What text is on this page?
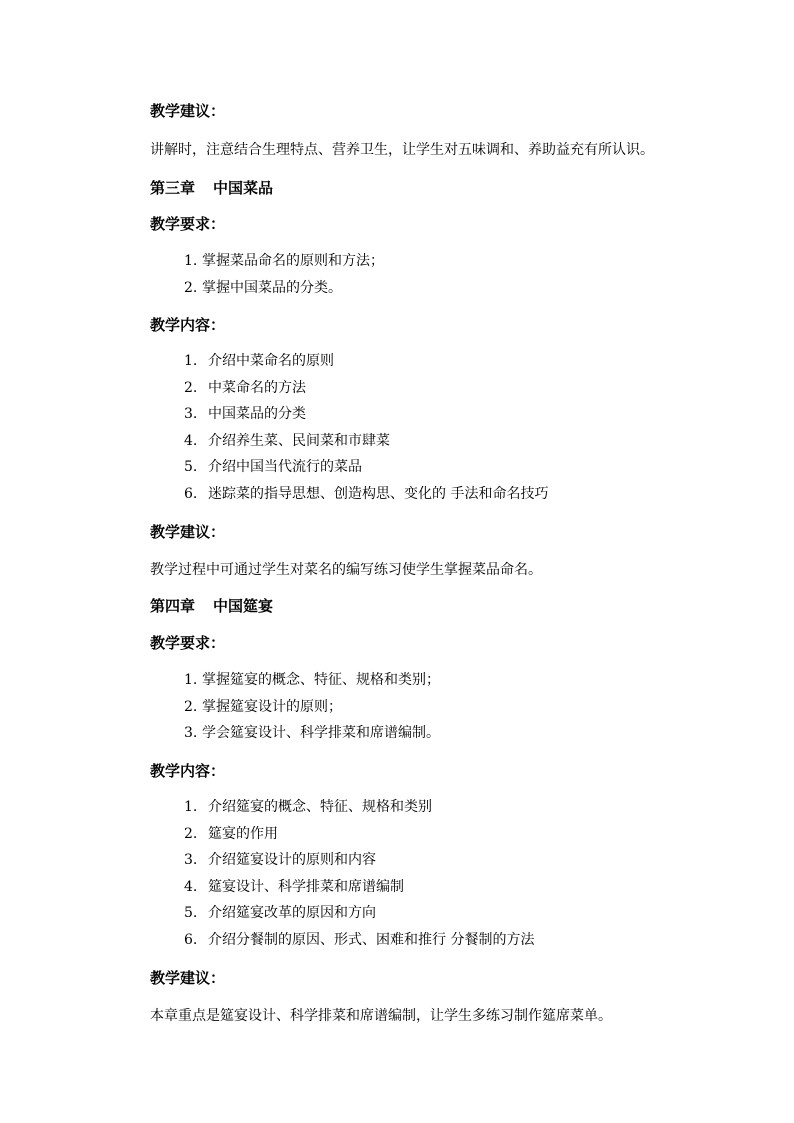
教学建议：
讲解时，注意结合生理特点、营养卫生，让学生对五味调和、养助益充有所认识。
第三章 中国菜品
教学要求：
1. 掌握菜品命名的原则和方法；
2. 掌握中国菜品的分类。
教学内容：
1. 介绍中菜命名的原则
2. 中菜命名的方法
3. 中国菜品的分类
4. 介绍养生菜、民间菜和市肆菜
5. 介绍中国当代流行的菜品
6. 迷踪菜的指导思想、创造构思、变化的 手法和命名技巧
教学建议：
教学过程中可通过学生对菜名的编写练习使学生掌握菜品命名。
第四章 中国筵宴
教学要求：
1. 掌握筵宴的概念、特征、规格和类别；
2. 掌握筵宴设计的原则；
3. 学会筵宴设计、科学排菜和席谱编制。
教学内容：
1. 介绍筵宴的概念、特征、规格和类别
2. 筵宴的作用
3. 介绍筵宴设计的原则和内容
4. 筵宴设计、科学排菜和席谱编制
5. 介绍筵宴改革的原因和方向
6. 介绍分餐制的原因、形式、困难和推行 分餐制的方法
教学建议：
本章重点是筵宴设计、科学排菜和席谱编制，让学生多练习制作筵席菜单。
